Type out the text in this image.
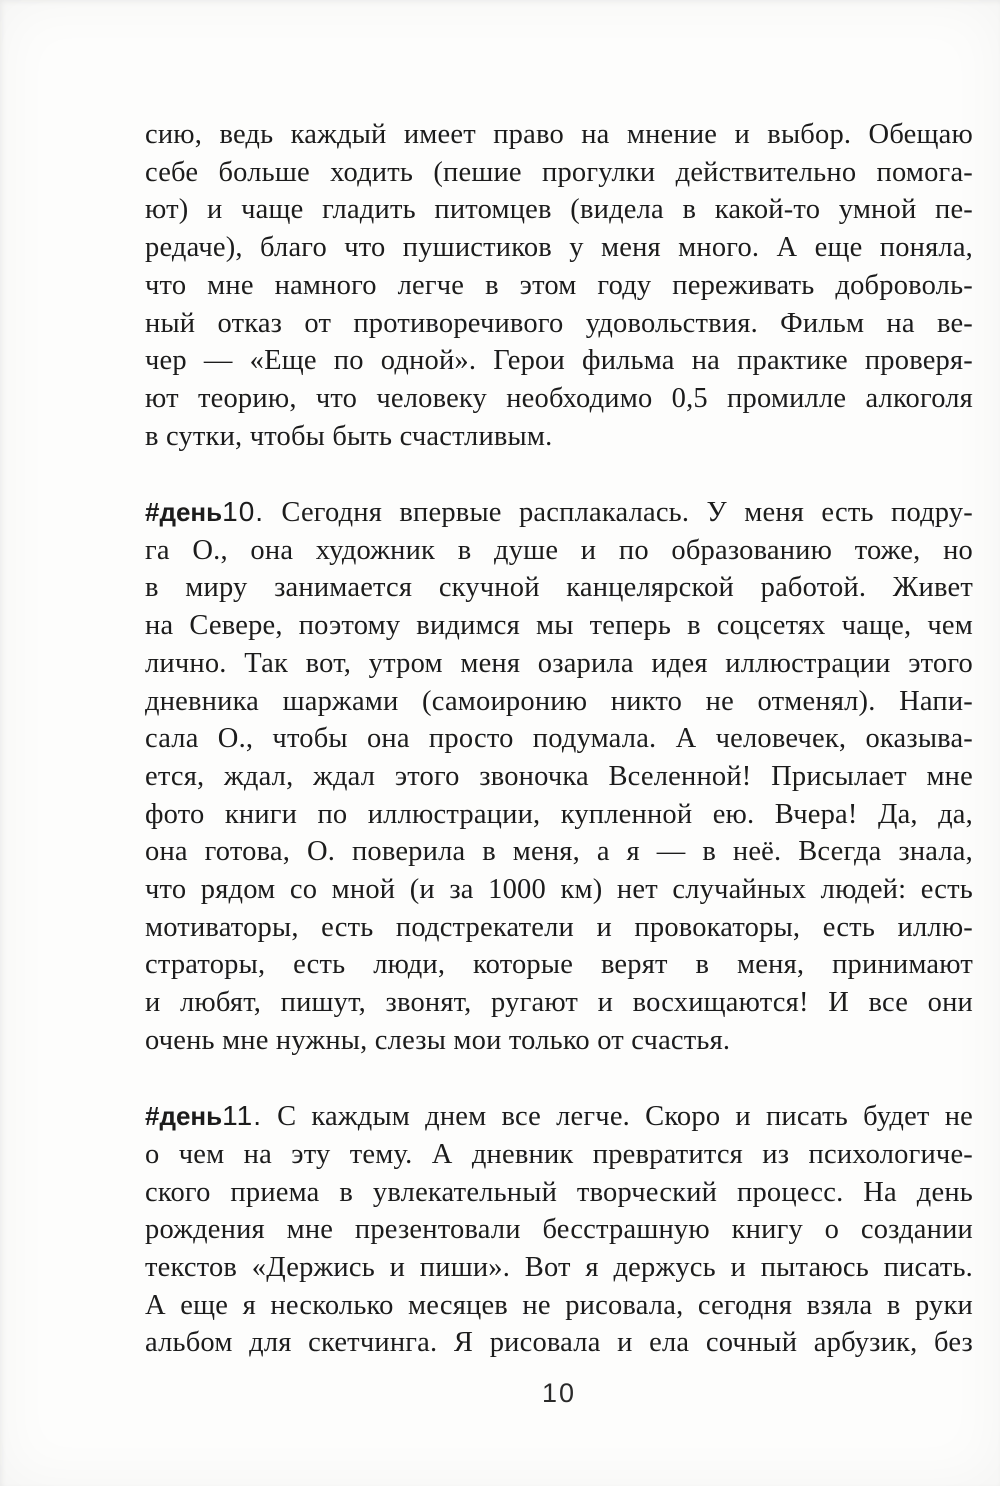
сию, ведь каждый имеет право на мнение и выбор. Обещаю
себе больше ходить (пешие прогулки действительно помога-
ют) и чаще гладить питомцев (видела в какой-то умной пе-
редаче), благо что пушистиков у меня много. А еще поняла,
что мне намного легче в этом году переживать доброволь-
ный отказ от противоречивого удовольствия. Фильм на ве-
чер — «Еще по одной». Герои фильма на практике проверя-
ют теорию, что человеку необходимо 0,5 промилле алкоголя
в сутки, чтобы быть счастливым.
#день10. Сегодня впервые расплакалась. У меня есть подру-
га О., она художник в душе и по образованию тоже, но
в миру занимается скучной канцелярской работой. Живет
на Севере, поэтому видимся мы теперь в соцсетях чаще, чем
лично. Так вот, утром меня озарила идея иллюстрации этого
дневника шаржами (самоиронию никто не отменял). Напи-
сала О., чтобы она просто подумала. А человечек, оказыва-
ется, ждал, ждал этого звоночка Вселенной! Присылает мне
фото книги по иллюстрации, купленной ею. Вчера! Да, да,
она готова, О. поверила в меня, а я — в неё. Всегда знала,
что рядом со мной (и за 1000 км) нет случайных людей: есть
мотиваторы, есть подстрекатели и провокаторы, есть иллю-
страторы, есть люди, которые верят в меня, принимают
и любят, пишут, звонят, ругают и восхищаются! И все они
очень мне нужны, слезы мои только от счастья.
#день11. С каждым днем все легче. Скоро и писать будет не
о чем на эту тему. А дневник превратится из психологиче-
ского приема в увлекательный творческий процесс. На день
рождения мне презентовали бесстрашную книгу о создании
текстов «Держись и пиши». Вот я держусь и пытаюсь писать.
А еще я несколько месяцев не рисовала, сегодня взяла в руки
альбом для скетчинга. Я рисовала и ела сочный арбузик, без
10
